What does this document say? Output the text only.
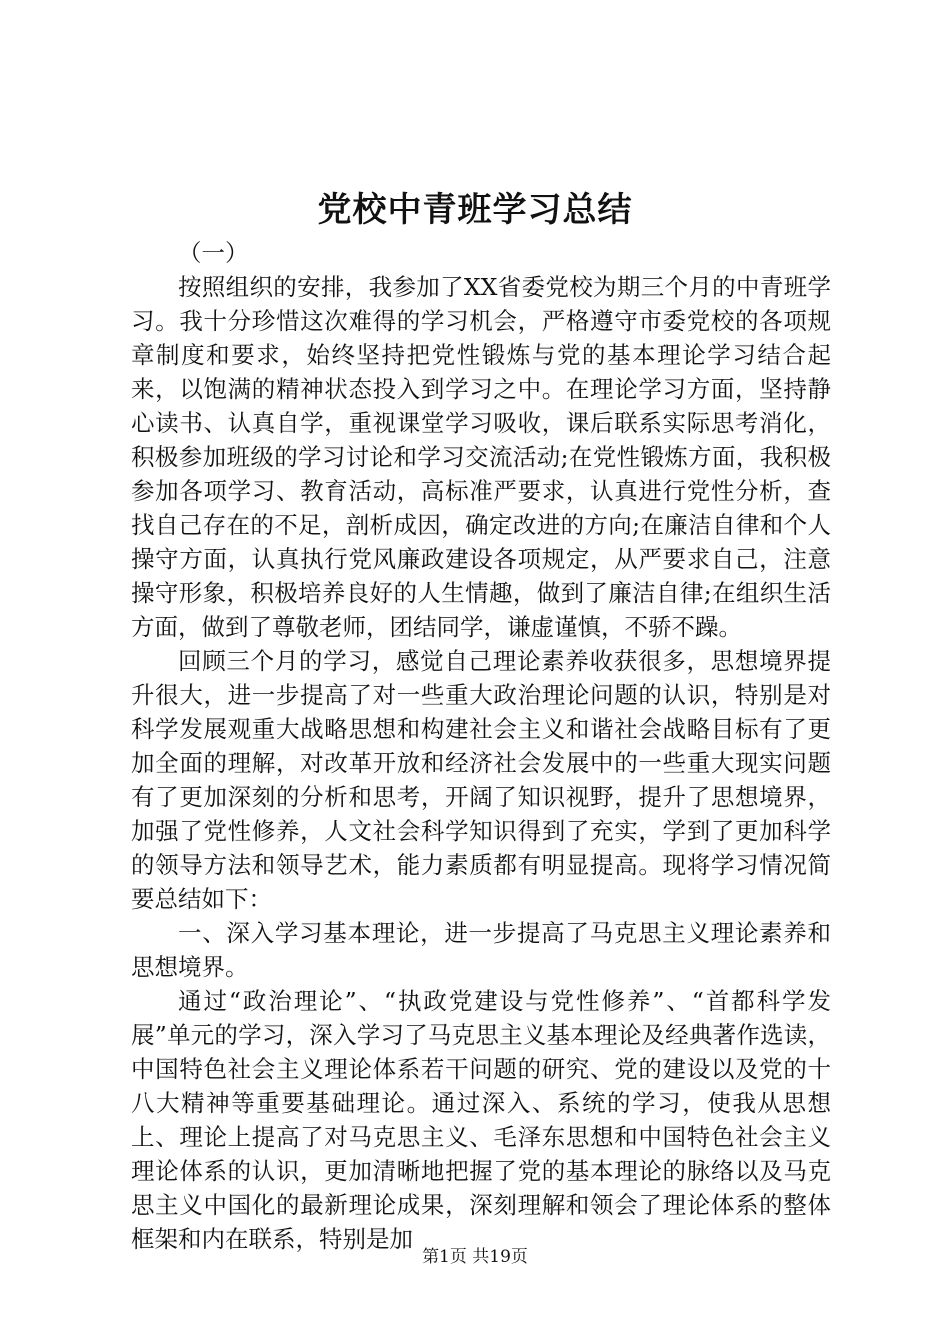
党校中青班学习总结

（一）

按照组织的安排，我参加了XX省委党校为期三个月的中青班学习。我十分珍惜这次难得的学习机会，严格遵守市委党校的各项规章制度和要求，始终坚持把党性锻炼与党的基本理论学习结合起来，以饱满的精神状态投入到学习之中。在理论学习方面，坚持静心读书、认真自学，重视课堂学习吸收，课后联系实际思考消化，积极参加班级的学习讨论和学习交流活动;在党性锻炼方面，我积极参加各项学习、教育活动，高标准严要求，认真进行党性分析，查找自己存在的不足，剖析成因，确定改进的方向;在廉洁自律和个人操守方面，认真执行党风廉政建设各项规定，从严要求自己，注意操守形象，积极培养良好的人生情趣，做到了廉洁自律;在组织生活方面，做到了尊敬老师，团结同学，谦虚谨慎，不骄不躁。

回顾三个月的学习，感觉自己理论素养收获很多，思想境界提升很大，进一步提高了对一些重大政治理论问题的认识，特别是对科学发展观重大战略思想和构建社会主义和谐社会战略目标有了更加全面的理解，对改革开放和经济社会发展中的一些重大现实问题有了更加深刻的分析和思考，开阔了知识视野，提升了思想境界，加强了党性修养，人文社会科学知识得到了充实，学到了更加科学的领导方法和领导艺术，能力素质都有明显提高。现将学习情况简要总结如下：

一、深入学习基本理论，进一步提高了马克思主义理论素养和思想境界。

通过“政治理论”、“执政党建设与党性修养”、“首都科学发展”单元的学习，深入学习了马克思主义基本理论及经典著作选读，中国特色社会主义理论体系若干问题的研究、党的建设以及党的十八大精神等重要基础理论。通过深入、系统的学习，使我从思想上、理论上提高了对马克思主义、毛泽东思想和中国特色社会主义理论体系的认识，更加清晰地把握了党的基本理论的脉络以及马克思主义中国化的最新理论成果，深刻理解和领会了理论体系的整体框架和内在联系，特别是加

第1页 共19页
